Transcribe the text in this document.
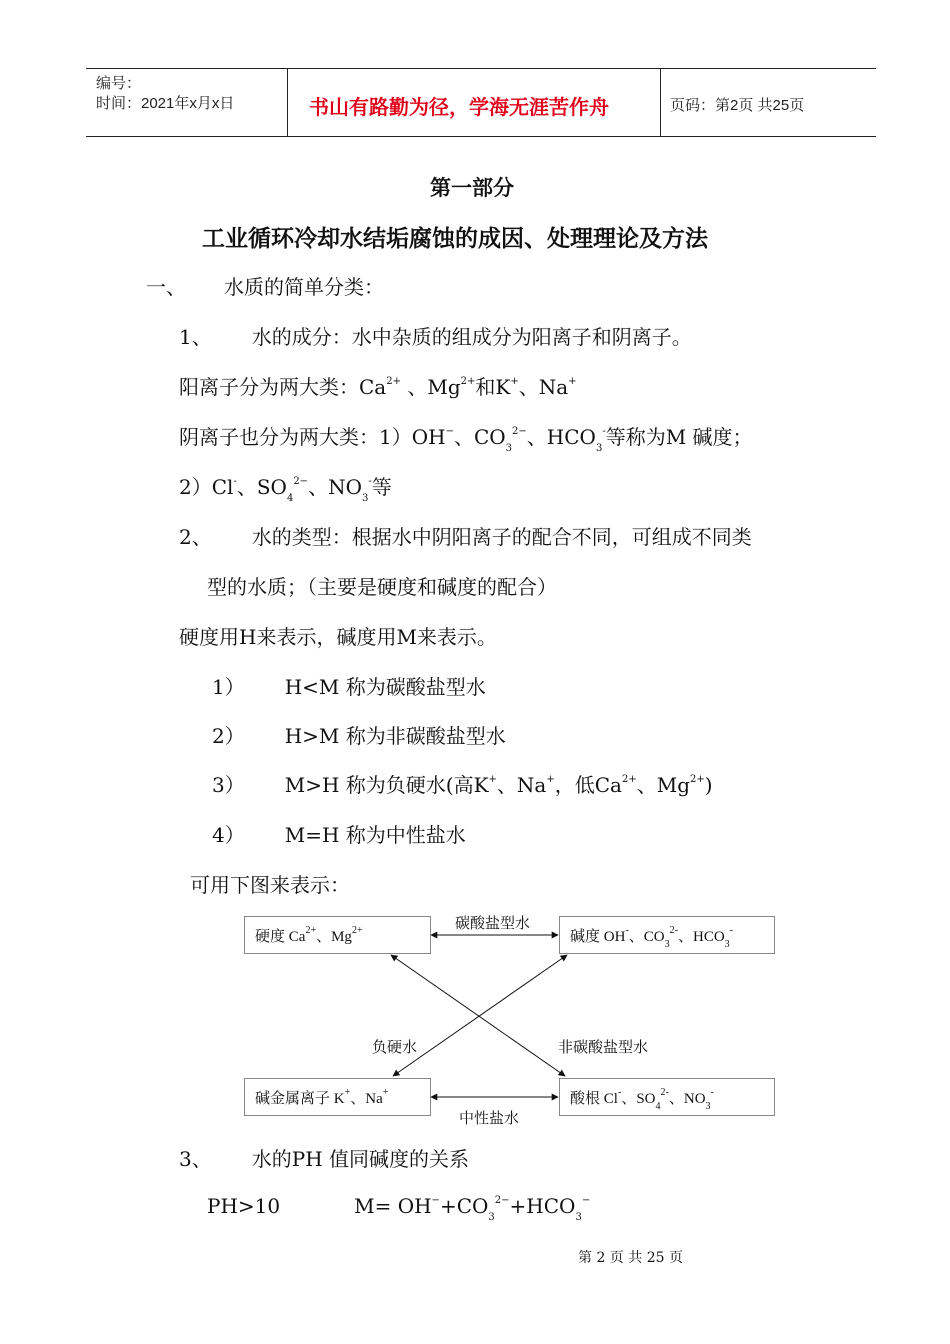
编号：
时间：2021年x月x日	书山有路勤为径，学海无涯苦作舟	页码：第2页 共25页
第一部分
工业循环冷却水结垢腐蚀的成因、处理理论及方法
一、 水质的简单分类：
1、 水的成分：水中杂质的组成分为阳离子和阴离子。
阳离子分为两大类：$Ca^{2+}$ 、$Mg^{2+}$和K+、Na+
阴离子也分为两大类：1）OH−、$CO_3^{2-}$、$HCO_3^-$等称为M 碱度；
2）Cl-、$SO_4^{2-}$、$NO_3^-$等
2、 水的类型：根据水中阴阳离子的配合不同，可组成不同类
型的水质；（主要是硬度和碱度的配合）
硬度用H来表示，碱度用M来表示。
1） H<M 称为碳酸盐型水
2） H>M 称为非碳酸盐型水
3） M>H 称为负硬水(高K+、Na+，低$Ca^{2+}$、$Mg^{2+}$)
4） M=H 称为中性盐水
可用下图来表示：
硬度 $Ca^{2+}$、$Mg^{2+}$	碱度 OH-、$CO_3^{2-}$、$HCO_3^-$
碱金属离子 K+、Na+	酸根 Cl-、$SO_4^{2-}$、$NO_3^-$
碳酸盐型水
负硬水	非碳酸盐型水
中性盐水
3、 水的PH 值同碱度的关系
PH>10	$M= OH^-+CO_3^{2-}+HCO_3^-$
第 2 页 共 25 页
